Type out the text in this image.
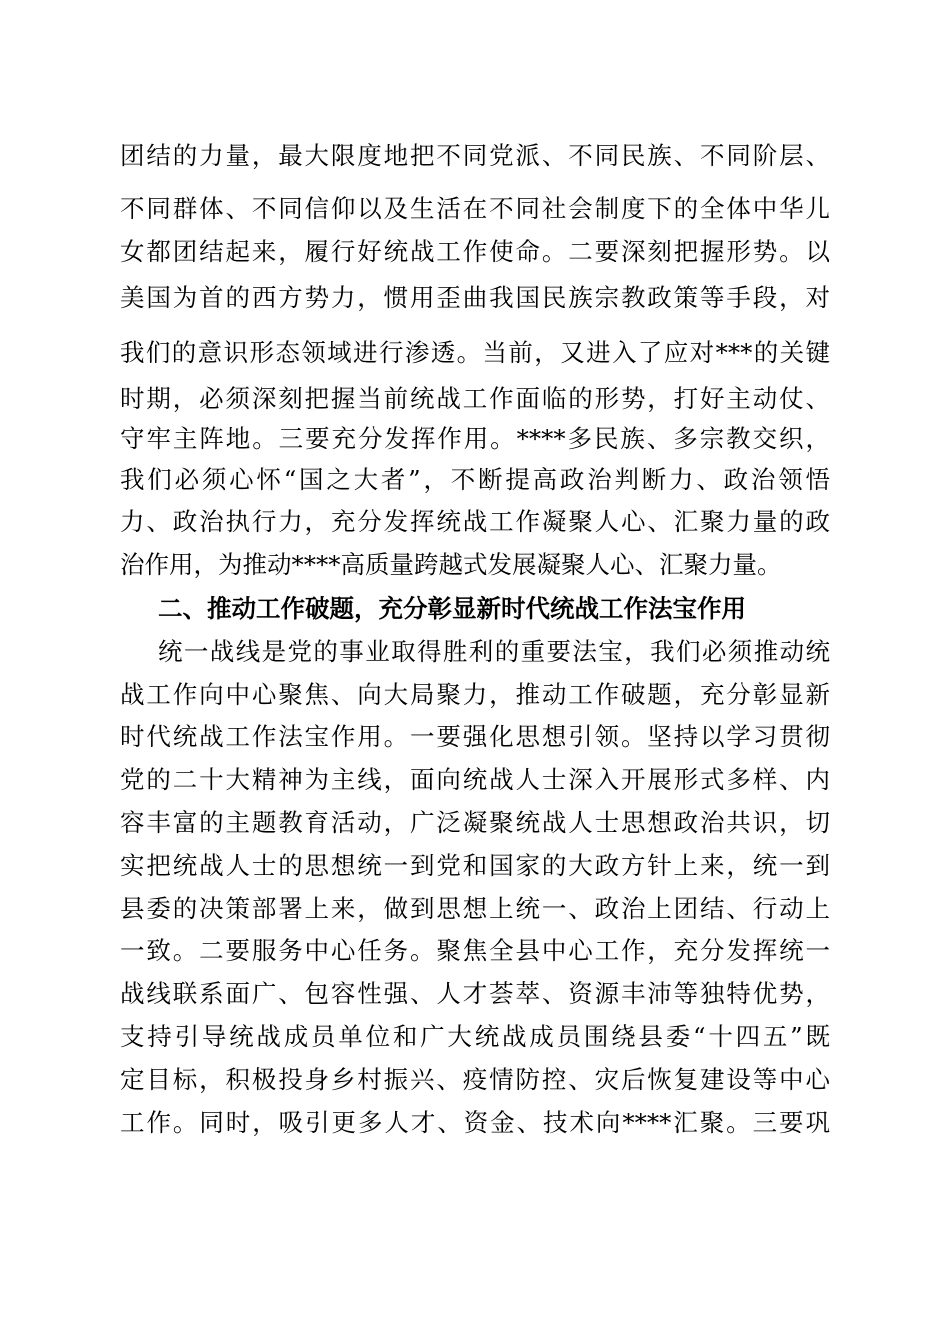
团结的力量，最大限度地把不同党派、不同民族、不同阶层、
不同群体、不同信仰以及生活在不同社会制度下的全体中华儿
女都团结起来，履行好统战工作使命。二要深刻把握形势。以
美国为首的西方势力，惯用歪曲我国民族宗教政策等手段，对
我们的意识形态领域进行渗透。当前，又进入了应对***的关键
时期，必须深刻把握当前统战工作面临的形势，打好主动仗、
守牢主阵地。三要充分发挥作用。****多民族、多宗教交织，
我们必须心怀“国之大者”，不断提高政治判断力、政治领悟
力、政治执行力，充分发挥统战工作凝聚人心、汇聚力量的政
治作用，为推动****高质量跨越式发展凝聚人心、汇聚力量。
二、推动工作破题，充分彰显新时代统战工作法宝作用
统一战线是党的事业取得胜利的重要法宝，我们必须推动统
战工作向中心聚焦、向大局聚力，推动工作破题，充分彰显新
时代统战工作法宝作用。一要强化思想引领。坚持以学习贯彻
党的二十大精神为主线，面向统战人士深入开展形式多样、内
容丰富的主题教育活动，广泛凝聚统战人士思想政治共识，切
实把统战人士的思想统一到党和国家的大政方针上来，统一到
县委的决策部署上来，做到思想上统一、政治上团结、行动上
一致。二要服务中心任务。聚焦全县中心工作，充分发挥统一
战线联系面广、包容性强、人才荟萃、资源丰沛等独特优势，
支持引导统战成员单位和广大统战成员围绕县委“十四五”既
定目标，积极投身乡村振兴、疫情防控、灾后恢复建设等中心
工作。同时，吸引更多人才、资金、技术向****汇聚。三要巩
